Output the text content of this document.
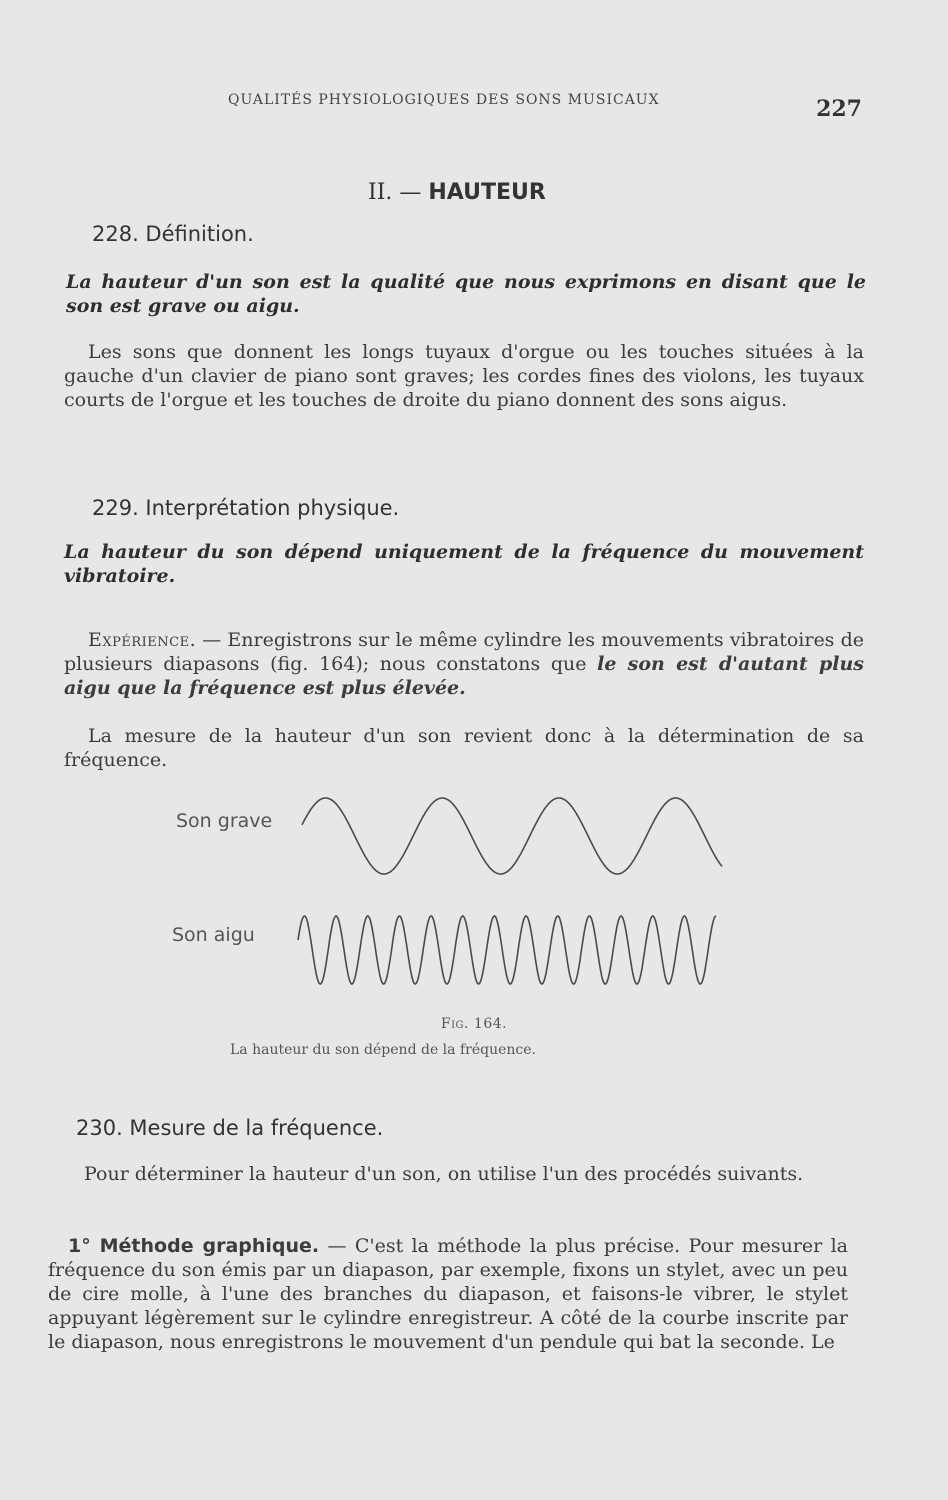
QUALITÉS PHYSIOLOGIQUES DES SONS MUSICAUX	227
II. — HAUTEUR
228. Définition.
La hauteur d'un son est la qualité que nous exprimons en disant que le son est grave ou aigu.
Les sons que donnent les longs tuyaux d'orgue ou les touches situées à la gauche d'un clavier de piano sont graves; les cordes fines des violons, les tuyaux courts de l'orgue et les touches de droite du piano donnent des sons aigus.
229. Interprétation physique.
La hauteur du son dépend uniquement de la fréquence du mouvement vibratoire.
Expérience. — Enregistrons sur le même cylindre les mouvements vibratoires de plusieurs diapasons (fig. 164); nous constatons que le son est d'autant plus aigu que la fréquence est plus élevée.
La mesure de la hauteur d'un son revient donc à la détermination de sa fréquence.
Son grave
Son aigu
Fig. 164.
La hauteur du son dépend de la fréquence.
230. Mesure de la fréquence.
Pour déterminer la hauteur d'un son, on utilise l'un des procédés suivants.
1° Méthode graphique. — C'est la méthode la plus précise. Pour mesurer la fréquence du son émis par un diapason, par exemple, fixons un stylet, avec un peu de cire molle, à l'une des branches du diapason, et faisons-le vibrer, le stylet appuyant légèrement sur le cylindre enregistreur. A côté de la courbe inscrite par le diapason, nous enregistrons le mouvement d'un pendule qui bat la seconde. Le
